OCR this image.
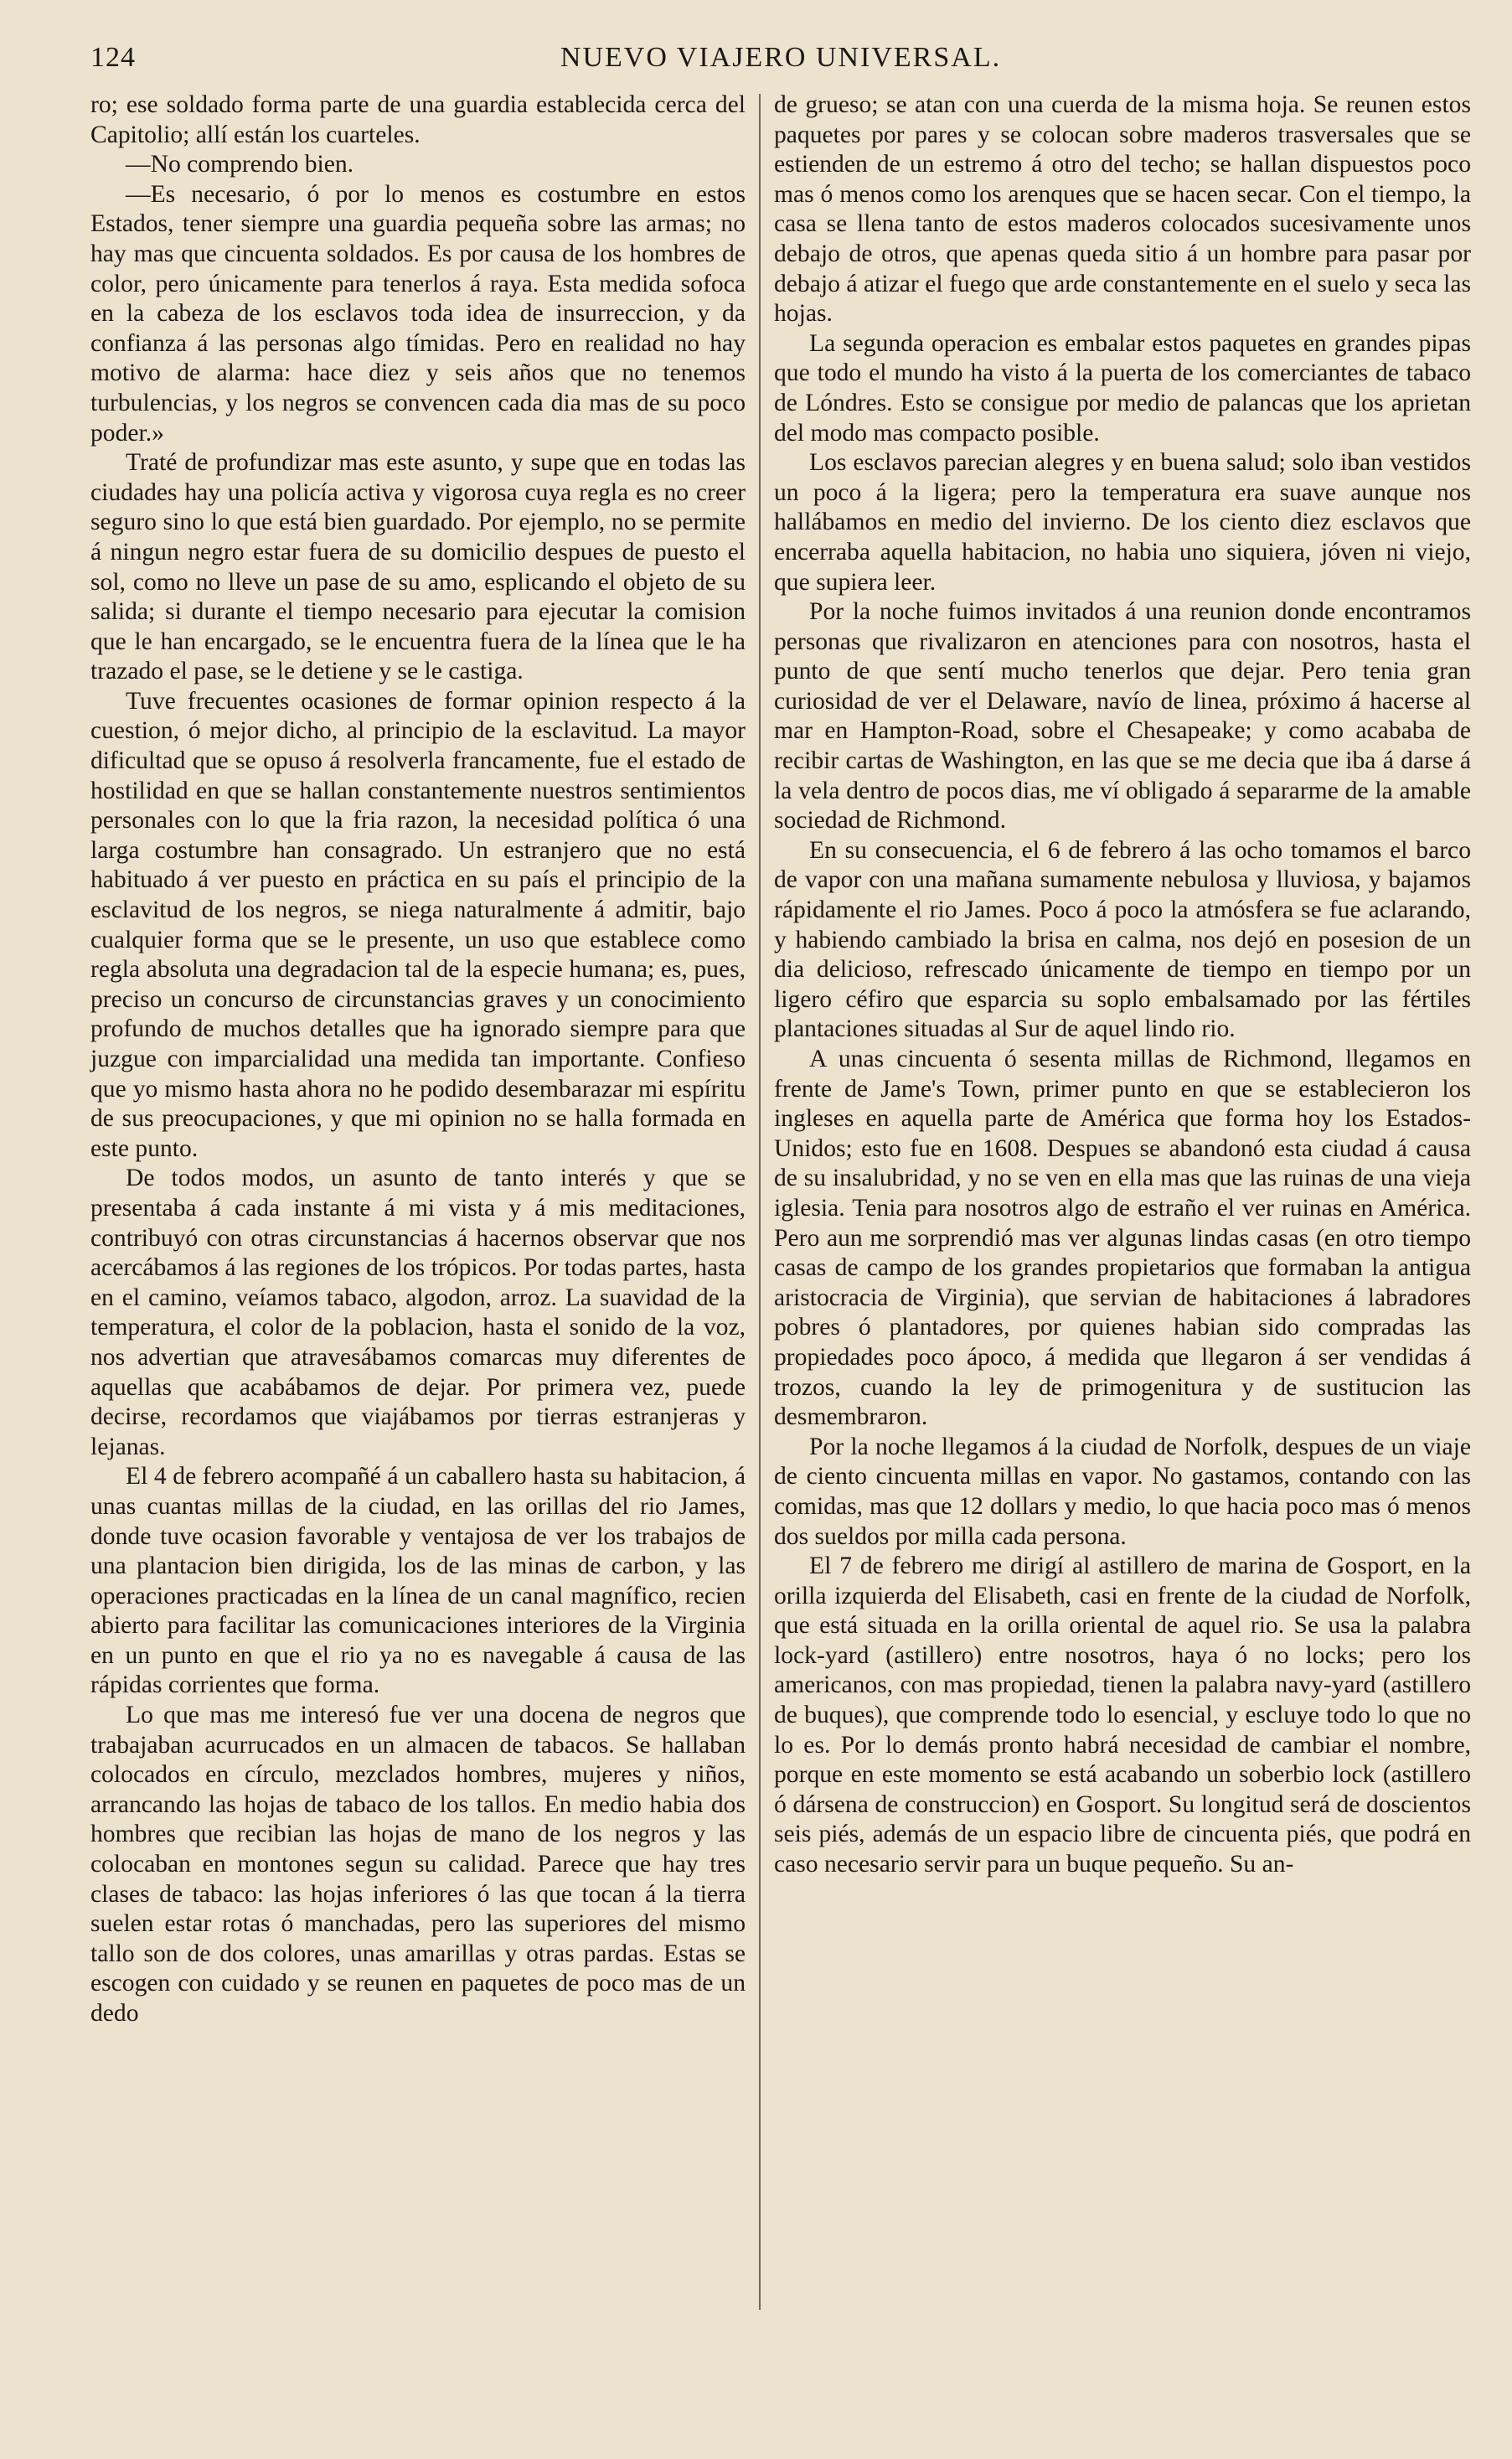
124	NUEVO VIAJERO UNIVERSAL.

ro; ese soldado forma parte de una guardia establecida cerca del Capitolio; allí están los cuarteles.

—No comprendo bien.

—Es necesario, ó por lo menos es costumbre en estos Estados, tener siempre una guardia pequeña sobre las armas; no hay mas que cincuenta soldados. Es por causa de los hombres de color, pero únicamente para tenerlos á raya. Esta medida sofoca en la cabeza de los esclavos toda idea de insurreccion, y da confianza á las personas algo tímidas. Pero en realidad no hay motivo de alarma: hace diez y seis años que no tenemos turbulencias, y los negros se convencen cada dia mas de su poco poder.»

Traté de profundizar mas este asunto, y supe que en todas las ciudades hay una policía activa y vigorosa cuya regla es no creer seguro sino lo que está bien guardado. Por ejemplo, no se permite á ningun negro estar fuera de su domicilio despues de puesto el sol, como no lleve un pase de su amo, esplicando el objeto de su salida; si durante el tiempo necesario para ejecutar la comision que le han encargado, se le encuentra fuera de la línea que le ha trazado el pase, se le detiene y se le castiga.

Tuve frecuentes ocasiones de formar opinion respecto á la cuestion, ó mejor dicho, al principio de la esclavitud. La mayor dificultad que se opuso á resolverla francamente, fue el estado de hostilidad en que se hallan constantemente nuestros sentimientos personales con lo que la fria razon, la necesidad política ó una larga costumbre han consagrado. Un estranjero que no está habituado á ver puesto en práctica en su país el principio de la esclavitud de los negros, se niega naturalmente á admitir, bajo cualquier forma que se le presente, un uso que establece como regla absoluta una degradacion tal de la especie humana; es, pues, preciso un concurso de circunstancias graves y un conocimiento profundo de muchos detalles que ha ignorado siempre para que juzgue con imparcialidad una medida tan importante. Confieso que yo mismo hasta ahora no he podido desembarazar mi espíritu de sus preocupaciones, y que mi opinion no se halla formada en este punto.

De todos modos, un asunto de tanto interés y que se presentaba á cada instante á mi vista y á mis meditaciones, contribuyó con otras circunstancias á hacernos observar que nos acercábamos á las regiones de los trópicos. Por todas partes, hasta en el camino, veíamos tabaco, algodon, arroz. La suavidad de la temperatura, el color de la poblacion, hasta el sonido de la voz, nos advertian que atravesábamos comarcas muy diferentes de aquellas que acabábamos de dejar. Por primera vez, puede decirse, recordamos que viajábamos por tierras estranjeras y lejanas.

El 4 de febrero acompañé á un caballero hasta su habitacion, á unas cuantas millas de la ciudad, en las orillas del rio James, donde tuve ocasion favorable y ventajosa de ver los trabajos de una plantacion bien dirigida, los de las minas de carbon, y las operaciones practicadas en la línea de un canal magnífico, recien abierto para facilitar las comunicaciones interiores de la Virginia en un punto en que el rio ya no es navegable á causa de las rápidas corrientes que forma.

Lo que mas me interesó fue ver una docena de negros que trabajaban acurrucados en un almacen de tabacos. Se hallaban colocados en círculo, mezclados hombres, mujeres y niños, arrancando las hojas de tabaco de los tallos. En medio habia dos hombres que recibian las hojas de mano de los negros y las colocaban en montones segun su calidad. Parece que hay tres clases de tabaco: las hojas inferiores ó las que tocan á la tierra suelen estar rotas ó manchadas, pero las superiores del mismo tallo son de dos colores, unas amarillas y otras pardas. Estas se escogen con cuidado y se reunen en paquetes de poco mas de un dedo

de grueso; se atan con una cuerda de la misma hoja. Se reunen estos paquetes por pares y se colocan sobre maderos trasversales que se estienden de un estremo á otro del techo; se hallan dispuestos poco mas ó menos como los arenques que se hacen secar. Con el tiempo, la casa se llena tanto de estos maderos colocados sucesivamente unos debajo de otros, que apenas queda sitio á un hombre para pasar por debajo á atizar el fuego que arde constantemente en el suelo y seca las hojas.

La segunda operacion es embalar estos paquetes en grandes pipas que todo el mundo ha visto á la puerta de los comerciantes de tabaco de Lóndres. Esto se consigue por medio de palancas que los aprietan del modo mas compacto posible.

Los esclavos parecian alegres y en buena salud; solo iban vestidos un poco á la ligera; pero la temperatura era suave aunque nos hallábamos en medio del invierno. De los ciento diez esclavos que encerraba aquella habitacion, no habia uno siquiera, jóven ni viejo, que supiera leer.

Por la noche fuimos invitados á una reunion donde encontramos personas que rivalizaron en atenciones para con nosotros, hasta el punto de que sentí mucho tenerlos que dejar. Pero tenia gran curiosidad de ver el Delaware, navío de linea, próximo á hacerse al mar en Hampton-Road, sobre el Chesapeake; y como acababa de recibir cartas de Washington, en las que se me decia que iba á darse á la vela dentro de pocos dias, me ví obligado á separarme de la amable sociedad de Richmond.

En su consecuencia, el 6 de febrero á las ocho tomamos el barco de vapor con una mañana sumamente nebulosa y lluviosa, y bajamos rápidamente el rio James. Poco á poco la atmósfera se fue aclarando, y habiendo cambiado la brisa en calma, nos dejó en posesion de un dia delicioso, refrescado únicamente de tiempo en tiempo por un ligero céfiro que esparcia su soplo embalsamado por las fértiles plantaciones situadas al Sur de aquel lindo rio.

A unas cincuenta ó sesenta millas de Richmond, llegamos en frente de Jame's Town, primer punto en que se establecieron los ingleses en aquella parte de América que forma hoy los Estados-Unidos; esto fue en 1608. Despues se abandonó esta ciudad á causa de su insalubridad, y no se ven en ella mas que las ruinas de una vieja iglesia. Tenia para nosotros algo de estraño el ver ruinas en América. Pero aun me sorprendió mas ver algunas lindas casas (en otro tiempo casas de campo de los grandes propietarios que formaban la antigua aristocracia de Virginia), que servian de habitaciones á labradores pobres ó plantadores, por quienes habian sido compradas las propiedades poco ápoco, á medida que llegaron á ser vendidas á trozos, cuando la ley de primogenitura y de sustitucion las desmembraron.

Por la noche llegamos á la ciudad de Norfolk, despues de un viaje de ciento cincuenta millas en vapor. No gastamos, contando con las comidas, mas que 12 dollars y medio, lo que hacia poco mas ó menos dos sueldos por milla cada persona.

El 7 de febrero me dirigí al astillero de marina de Gosport, en la orilla izquierda del Elisabeth, casi en frente de la ciudad de Norfolk, que está situada en la orilla oriental de aquel rio. Se usa la palabra lock-yard (astillero) entre nosotros, haya ó no locks; pero los americanos, con mas propiedad, tienen la palabra navy-yard (astillero de buques), que comprende todo lo esencial, y escluye todo lo que no lo es. Por lo demás pronto habrá necesidad de cambiar el nombre, porque en este momento se está acabando un soberbio lock (astillero ó dársena de construccion) en Gosport. Su longitud será de doscientos seis piés, además de un espacio libre de cincuenta piés, que podrá en caso necesario servir para un buque pequeño. Su an-
